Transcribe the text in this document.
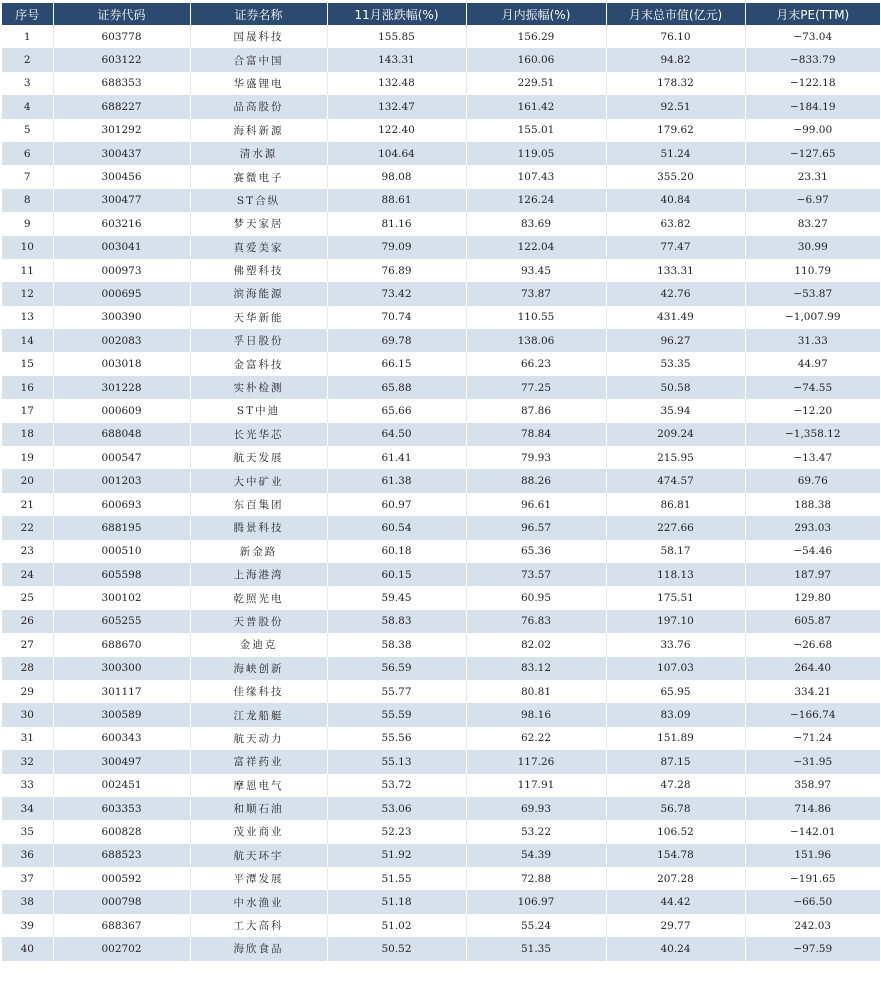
序号	证券代码	证券名称	11月涨跌幅(%)	月内振幅(%)	月末总市值(亿元)	月末PE(TTM)
1	603778	国晟科技	155.85	156.29	76.10	−73.04
2	603122	合富中国	143.31	160.06	94.82	−833.79
3	688353	华盛锂电	132.48	229.51	178.32	−122.18
4	688227	品高股份	132.47	161.42	92.51	−184.19
5	301292	海科新源	122.40	155.01	179.62	−99.00
6	300437	清水源	104.64	119.05	51.24	−127.65
7	300456	赛微电子	98.08	107.43	355.20	23.31
8	300477	ST合纵	88.61	126.24	40.84	−6.97
9	603216	梦天家居	81.16	83.69	63.82	83.27
10	003041	真爱美家	79.09	122.04	77.47	30.99
11	000973	佛塑科技	76.89	93.45	133.31	110.79
12	000695	滨海能源	73.42	73.87	42.76	−53.87
13	300390	天华新能	70.74	110.55	431.49	−1,007.99
14	002083	孚日股份	69.78	138.06	96.27	31.33
15	003018	金富科技	66.15	66.23	53.35	44.97
16	301228	实朴检测	65.88	77.25	50.58	−74.55
17	000609	ST中迪	65.66	87.86	35.94	−12.20
18	688048	长光华芯	64.50	78.84	209.24	−1,358.12
19	000547	航天发展	61.41	79.93	215.95	−13.47
20	001203	大中矿业	61.38	88.26	474.57	69.76
21	600693	东百集团	60.97	96.61	86.81	188.38
22	688195	腾景科技	60.54	96.57	227.66	293.03
23	000510	新金路	60.18	65.36	58.17	−54.46
24	605598	上海港湾	60.15	73.57	118.13	187.97
25	300102	乾照光电	59.45	60.95	175.51	129.80
26	605255	天普股份	58.83	76.83	197.10	605.87
27	688670	金迪克	58.38	82.02	33.76	−26.68
28	300300	海峡创新	56.59	83.12	107.03	264.40
29	301117	佳缘科技	55.77	80.81	65.95	334.21
30	300589	江龙船艇	55.59	98.16	83.09	−166.74
31	600343	航天动力	55.56	62.22	151.89	−71.24
32	300497	富祥药业	55.13	117.26	87.15	−31.95
33	002451	摩恩电气	53.72	117.91	47.28	358.97
34	603353	和顺石油	53.06	69.93	56.78	714.86
35	600828	茂业商业	52.23	53.22	106.52	−142.01
36	688523	航天环宇	51.92	54.39	154.78	151.96
37	000592	平潭发展	51.55	72.88	207.28	−191.65
38	000798	中水渔业	51.18	106.97	44.42	−66.50
39	688367	工大高科	51.02	55.24	29.77	242.03
40	002702	海欣食品	50.52	51.35	40.24	−97.59
